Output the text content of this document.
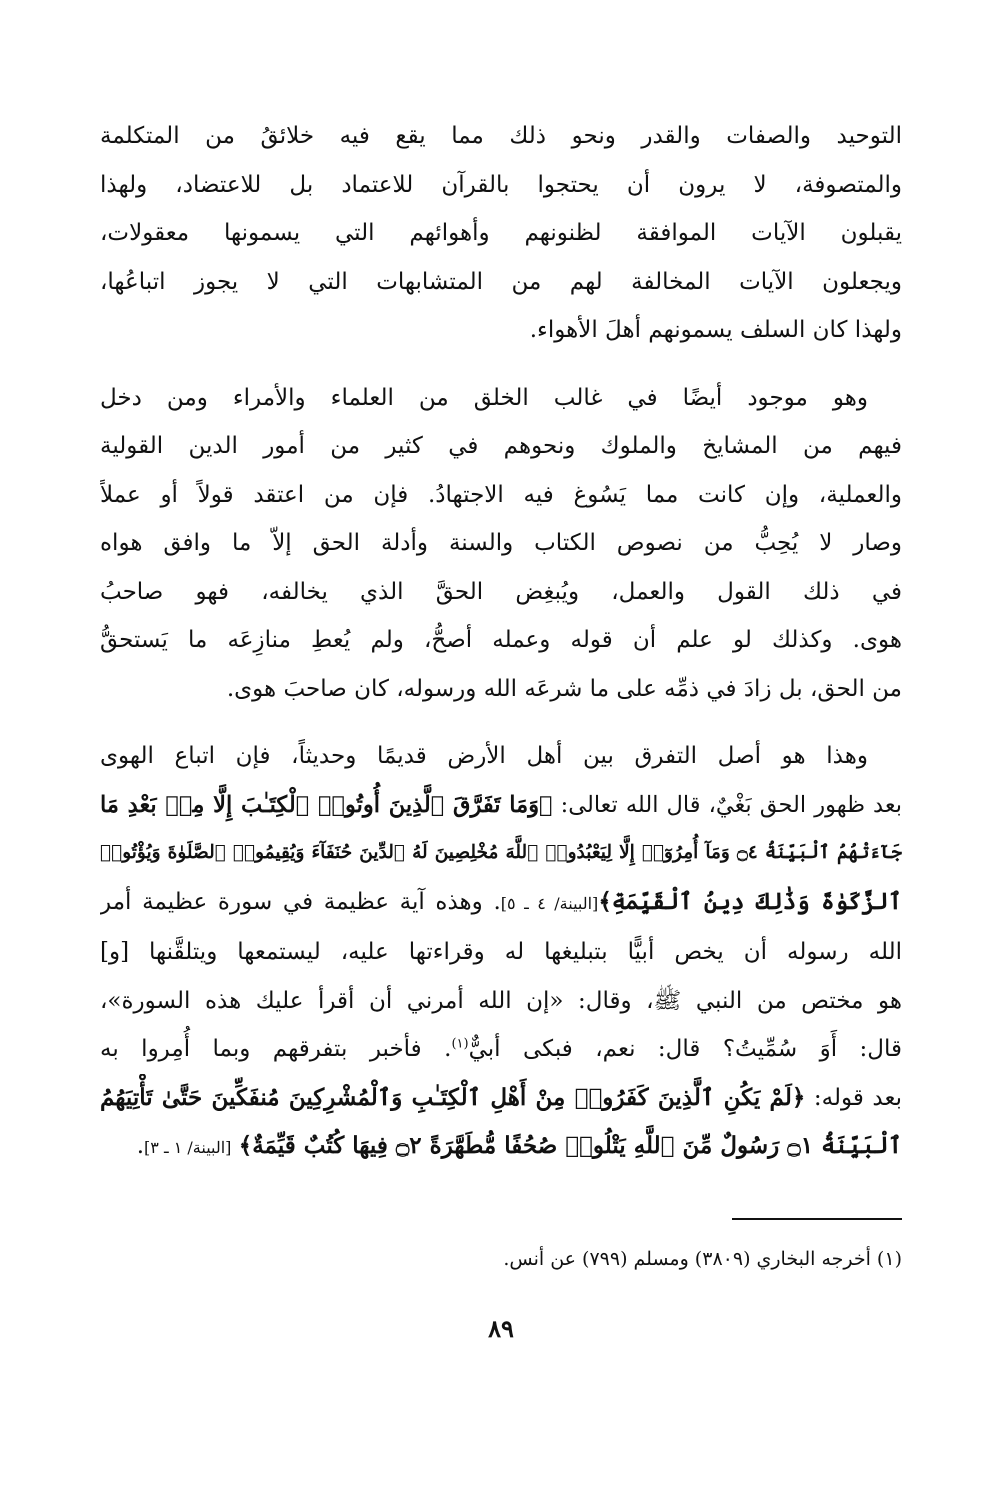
التوحيد والصفات والقدر ونحو ذلك مما يقع فيه خلائقُ من المتكلمة
والمتصوفة، لا يرون أن يحتجوا بالقرآن للاعتماد بل للاعتضاد، ولهذا
يقبلون الآيات الموافقة لظنونهم وأهوائهم التي يسمونها معقولات،
ويجعلون الآيات المخالفة لهم من المتشابهات التي لا يجوز اتباعُها،
ولهذا كان السلف يسمونهم أهلَ الأهواء.

وهو موجود أيضًا في غالب الخلق من العلماء والأمراء ومن دخل
فيهم من المشايخ والملوك ونحوهم في كثير من أمور الدين القولية
والعملية، وإن كانت مما يَسُوغ فيه الاجتهادُ. فإن من اعتقد قولاً أو عملاً
وصار لا يُحِبُّ من نصوص الكتاب والسنة وأدلة الحق إلاّ ما وافق هواه
في ذلك القول والعمل، ويُبغِض الحقَّ الذي يخالفه، فهو صاحبُ
هوى. وكذلك لو علم أن قوله وعمله أصحُّ، ولم يُعطِ منازِعَه ما يَستحقُّ
من الحق، بل زادَ في ذمِّه على ما شرعَه الله ورسوله، كان صاحبَ هوى.

وهذا هو أصل التفرق بين أهل الأرض قديمًا وحديثاً، فإن اتباع الهوى
بعد ظهور الحق بَغْيٌ، قال الله تعالى: ﴿وَمَا تَفَرَّقَ ٱلَّذِينَ أُوتُوا۟ ٱلْكِتَـٰبَ إِلَّا مِنۢ بَعْدِ مَا
جَآءَتْهُمُ ٱلْبَيِّنَةُ ۝٤ وَمَآ أُمِرُوٓا۟ إِلَّا لِيَعْبُدُوا۟ ٱللَّهَ مُخْلِصِينَ لَهُ ٱلدِّينَ حُنَفَآءَ وَيُقِيمُوا۟ ٱلصَّلَوٰةَ وَيُؤْتُوا۟
ٱلزَّكَوٰةَ وَذَٰلِكَ دِينُ ٱلْقَيِّمَةِ﴾[البينة/ ٤ ـ ٥]. وهذه آية عظيمة في سورة عظيمة أمر
الله رسوله أن يخص أبيًّا بتبليغها له وقراءتها عليه، ليستمعها ويتلقَّنها [و]
هو مختص من النبي ﷺ، وقال: «إن الله أمرني أن أقرأ عليك هذه السورة»،
قال: أَوَ سُمِّيتُ؟ قال: نعم، فبكى أبيٌّ$^{(١)}$. فأخبر بتفرقهم وبما أُمِروا به
بعد قوله: ﴿لَمْ يَكُنِ ٱلَّذِينَ كَفَرُوا۟ مِنْ أَهْلِ ٱلْكِتَـٰبِ وَٱلْمُشْرِكِينَ مُنفَكِّينَ حَتَّىٰ تَأْتِيَهُمُ
ٱلْبَيِّنَةُ ۝١ رَسُولٌ مِّنَ ٱللَّهِ يَتْلُوا۟ صُحُفًا مُّطَهَّرَةً ۝٢ فِيهَا كُتُبٌ قَيِّمَةٌ﴾ [البينة/ ١ ـ ٣].

(١) أخرجه البخاري (٣٨٠٩) ومسلم (٧٩٩) عن أنس.
٨٩
